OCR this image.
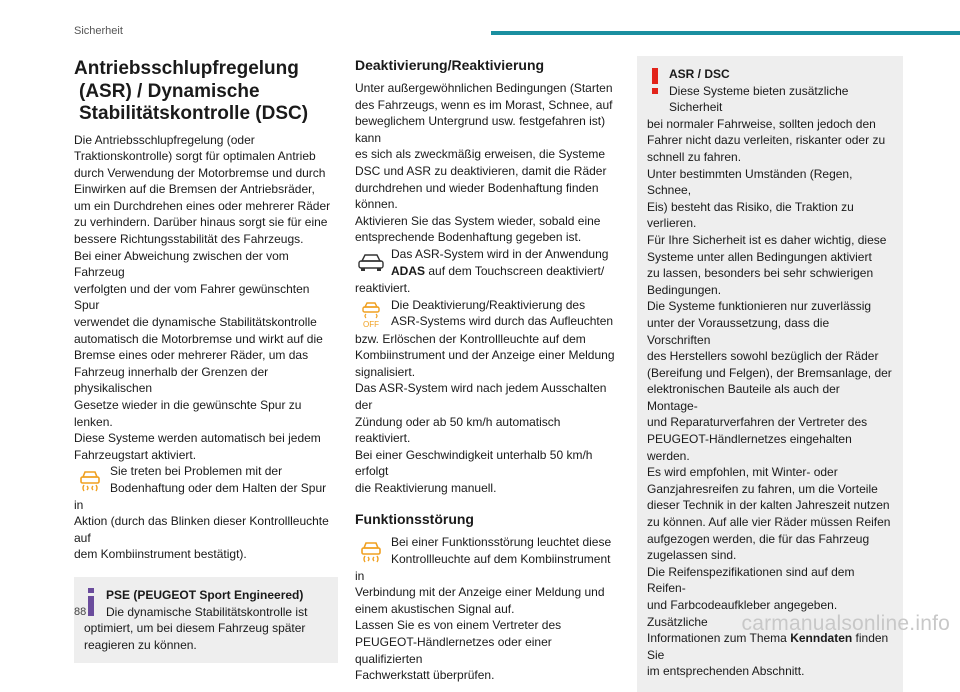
Sicherheit
Antriebsschlupfregelung
(ASR) / Dynamische
Stabilitätskontrolle (DSC)
Die Antriebsschlupfregelung (oder
Traktionskontrolle) sorgt für optimalen Antrieb
durch Verwendung der Motorbremse und durch
Einwirken auf die Bremsen der Antriebsräder,
um ein Durchdrehen eines oder mehrerer Räder
zu verhindern. Darüber hinaus sorgt sie für eine
bessere Richtungsstabilität des Fahrzeugs.
Bei einer Abweichung zwischen der vom Fahrzeug
verfolgten und der vom Fahrer gewünschten Spur
verwendet die dynamische Stabilitätskontrolle
automatisch die Motorbremse und wirkt auf die
Bremse eines oder mehrerer Räder, um das
Fahrzeug innerhalb der Grenzen der physikalischen
Gesetze wieder in die gewünschte Spur zu lenken.
Diese Systeme werden automatisch bei jedem
Fahrzeugstart aktiviert.
Sie treten bei Problemen mit der
Bodenhaftung oder dem Halten der Spur in
Aktion (durch das Blinken dieser Kontrollleuchte auf
dem Kombiinstrument bestätigt).
PSE (PEUGEOT Sport Engineered)
Die dynamische Stabilitätskontrolle ist
optimiert, um bei diesem Fahrzeug später
reagieren zu können.
Deaktivierung/Reaktivierung
Unter außergewöhnlichen Bedingungen (Starten
des Fahrzeugs, wenn es im Morast, Schnee, auf
beweglichem Untergrund usw. festgefahren ist) kann
es sich als zweckmäßig erweisen, die Systeme
DSC und ASR zu deaktivieren, damit die Räder
durchdrehen und wieder Bodenhaftung finden
können.
Aktivieren Sie das System wieder, sobald eine
entsprechende Bodenhaftung gegeben ist.
Das ASR-System wird in der Anwendung
ADAS auf dem Touchscreen deaktiviert/
reaktiviert.
OFF
Die Deaktivierung/Reaktivierung des
ASR-Systems wird durch das Aufleuchten
bzw. Erlöschen der Kontrollleuchte auf dem
Kombiinstrument und der Anzeige einer Meldung
signalisiert.
Das ASR-System wird nach jedem Ausschalten der
Zündung oder ab 50 km/h automatisch reaktiviert.
Bei einer Geschwindigkeit unterhalb 50 km/h erfolgt
die Reaktivierung manuell.
Funktionsstörung
Bei einer Funktionsstörung leuchtet diese
Kontrollleuchte auf dem Kombiinstrument in
Verbindung mit der Anzeige einer Meldung und
einem akustischen Signal auf.
Lassen Sie es von einem Vertreter des
PEUGEOT-Händlernetzes oder einer qualifizierten
Fachwerkstatt überprüfen.
ASR / DSC
Diese Systeme bieten zusätzliche Sicherheit
bei normaler Fahrweise, sollten jedoch den
Fahrer nicht dazu verleiten, riskanter oder zu
schnell zu fahren.
Unter bestimmten Umständen (Regen, Schnee,
Eis) besteht das Risiko, die Traktion zu verlieren.
Für Ihre Sicherheit ist es daher wichtig, diese
Systeme unter allen Bedingungen aktiviert
zu lassen, besonders bei sehr schwierigen
Bedingungen.
Die Systeme funktionieren nur zuverlässig
unter der Voraussetzung, dass die Vorschriften
des Herstellers sowohl bezüglich der Räder
(Bereifung und Felgen), der Bremsanlage, der
elektronischen Bauteile als auch der Montage-
und Reparaturverfahren der Vertreter des
PEUGEOT-Händlernetzes eingehalten werden.
Es wird empfohlen, mit Winter- oder
Ganzjahresreifen zu fahren, um die Vorteile
dieser Technik in der kalten Jahreszeit nutzen
zu können. Auf alle vier Räder müssen Reifen
aufgezogen werden, die für das Fahrzeug
zugelassen sind.
Die Reifenspezifikationen sind auf dem Reifen-
und Farbcodeaufkleber angegeben. Zusätzliche
Informationen zum Thema Kenndaten finden Sie
im entsprechenden Abschnitt.
88	carmanualsonline.info
